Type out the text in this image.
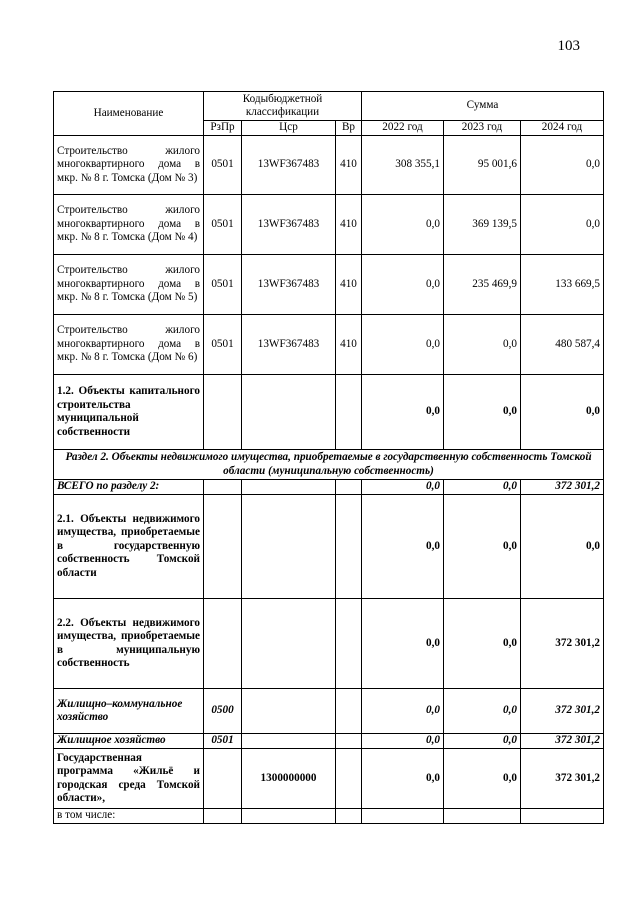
103
Наименование	Кодыбюджетной классификации			Сумма		
	РзПр	Цср	Вр	2022 год	2023 год	2024 год
Строительство жилого многоквартирного дома в мкр. № 8 г. Томска (Дом № 3)	0501	13WF367483	410	308 355,1	95 001,6	0,0
Строительство жилого многоквартирного дома в мкр. № 8 г. Томска (Дом № 4)	0501	13WF367483	410	0,0	369 139,5	0,0
Строительство жилого многоквартирного дома в мкр. № 8 г. Томска (Дом № 5)	0501	13WF367483	410	0,0	235 469,9	133 669,5
Строительство жилого многоквартирного дома в мкр. № 8 г. Томска (Дом № 6)	0501	13WF367483	410	0,0	0,0	480 587,4
1.2. Объекты капитального строительства муниципальной собственности				0,0	0,0	0,0
Раздел 2. Объекты недвижимого имущества, приобретаемые в государственную собственность Томской области (муниципальную собственность)						
ВСЕГО по разделу 2:				0,0	0,0	372 301,2
2.1. Объекты недвижимого имущества, приобретаемые в государственную собственность Томской области				0,0	0,0	0,0
2.2. Объекты недвижимого имущества, приобретаемые в муниципальную собственность				0,0	0,0	372 301,2
Жилищно–коммунальное хозяйство	0500			0,0	0,0	372 301,2
Жилищное хозяйство	0501			0,0	0,0	372 301,2
Государственная программа «Жильё и городская среда Томской области»,		1300000000		0,0	0,0	372 301,2
в том числе:						
